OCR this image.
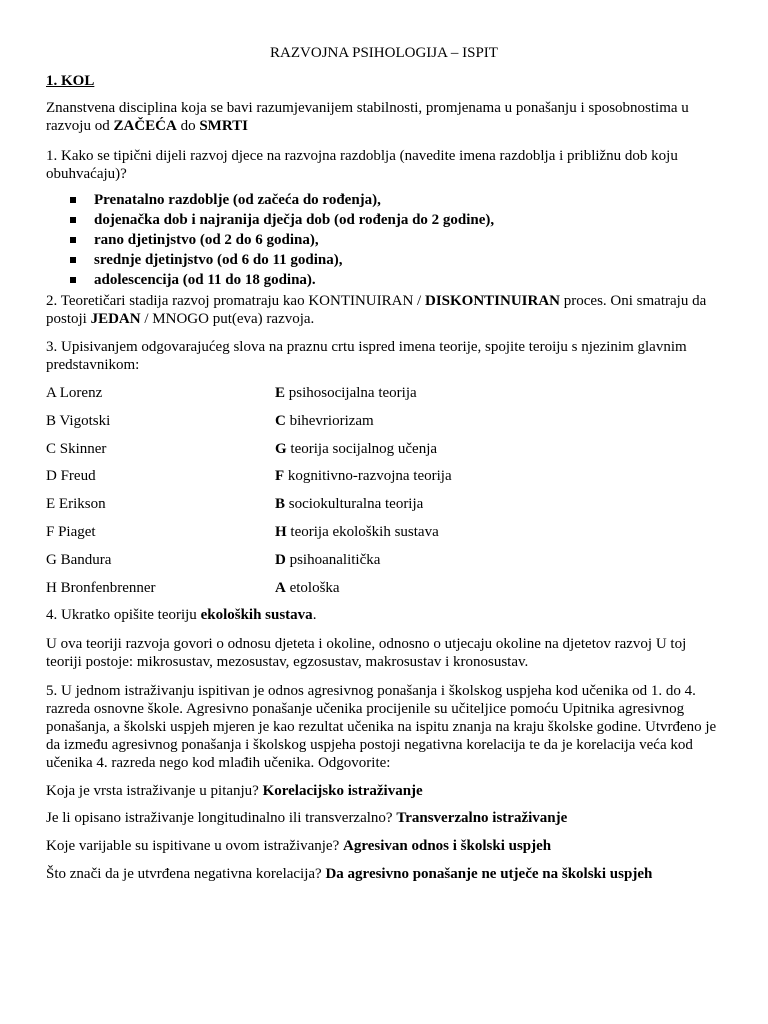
RAZVOJNA PSIHOLOGIJA – ISPIT
1. KOL
Znanstvena disciplina koja se bavi razumjevanijem stabilnosti, promjenama u ponašanju i sposobnostima u razvoju od ZAČEĆA do SMRTI
1. Kako se tipični dijeli razvoj djece na razvojna razdoblja (navedite imena razdoblja i približnu dob koju obuhvaćaju)?
Prenatalno razdoblje (od začeća do rođenja),
dojenačka dob i najranija dječja dob (od rođenja do 2 godine),
rano djetinjstvo (od 2 do 6 godina),
srednje djetinjstvo (od 6 do 11 godina),
adolescencija (od 11 do 18 godina).
2. Teoretičari stadija razvoj promatraju kao KONTINUIRAN / DISKONTINUIRAN proces. Oni smatraju da postoji JEDAN / MNOGO put(eva) razvoja.
3. Upisivanjem odgovarajućeg slova na praznu crtu ispred imena teorije, spojite teroiju s njezinim glavnim predstavnikom:
A Lorenz	E psihosocijalna teorija
B Vigotski	C bihevriorizam
C Skinner	G teorija socijalnog učenja
D Freud	F kognitivno-razvojna teorija
E Erikson	B sociokulturalna teorija
F Piaget	H teorija ekoloških sustava
G Bandura	D psihoanalitička
H Bronfenbrenner	A etološka
4. Ukratko opišite teoriju ekoloških sustava.
U ova teoriji razvoja govori o odnosu djeteta i okoline, odnosno o utjecaju okoline na djetetov razvoj U toj teoriji postoje: mikrosustav, mezosustav, egzosustav, makrosustav i kronosustav.
5. U jednom istraživanju ispitivan je odnos agresivnog ponašanja i školskog uspjeha kod učenika od 1. do 4. razreda osnovne škole. Agresivno ponašanje učenika procijenile su učiteljice pomoću Upitnika agresivnog ponašanja, a školski uspjeh mjeren je kao rezultat učenika na ispitu znanja na kraju školske godine. Utvrđeno je da između agresivnog ponašanja i školskog uspjeha postoji negativna korelacija te da je korelacija veća kod učenika 4. razreda nego kod mlađih učenika. Odgovorite:
Koja je vrsta istraživanje u pitanju? Korelacijsko istraživanje
Je li opisano istraživanje longitudinalno ili transverzalno? Transverzalno istraživanje
Koje varijable su ispitivane u ovom istraživanje? Agresivan odnos i školski uspjeh
Što znači da je utvrđena negativna korelacija? Da agresivno ponašanje ne utječe na školski uspjeh
